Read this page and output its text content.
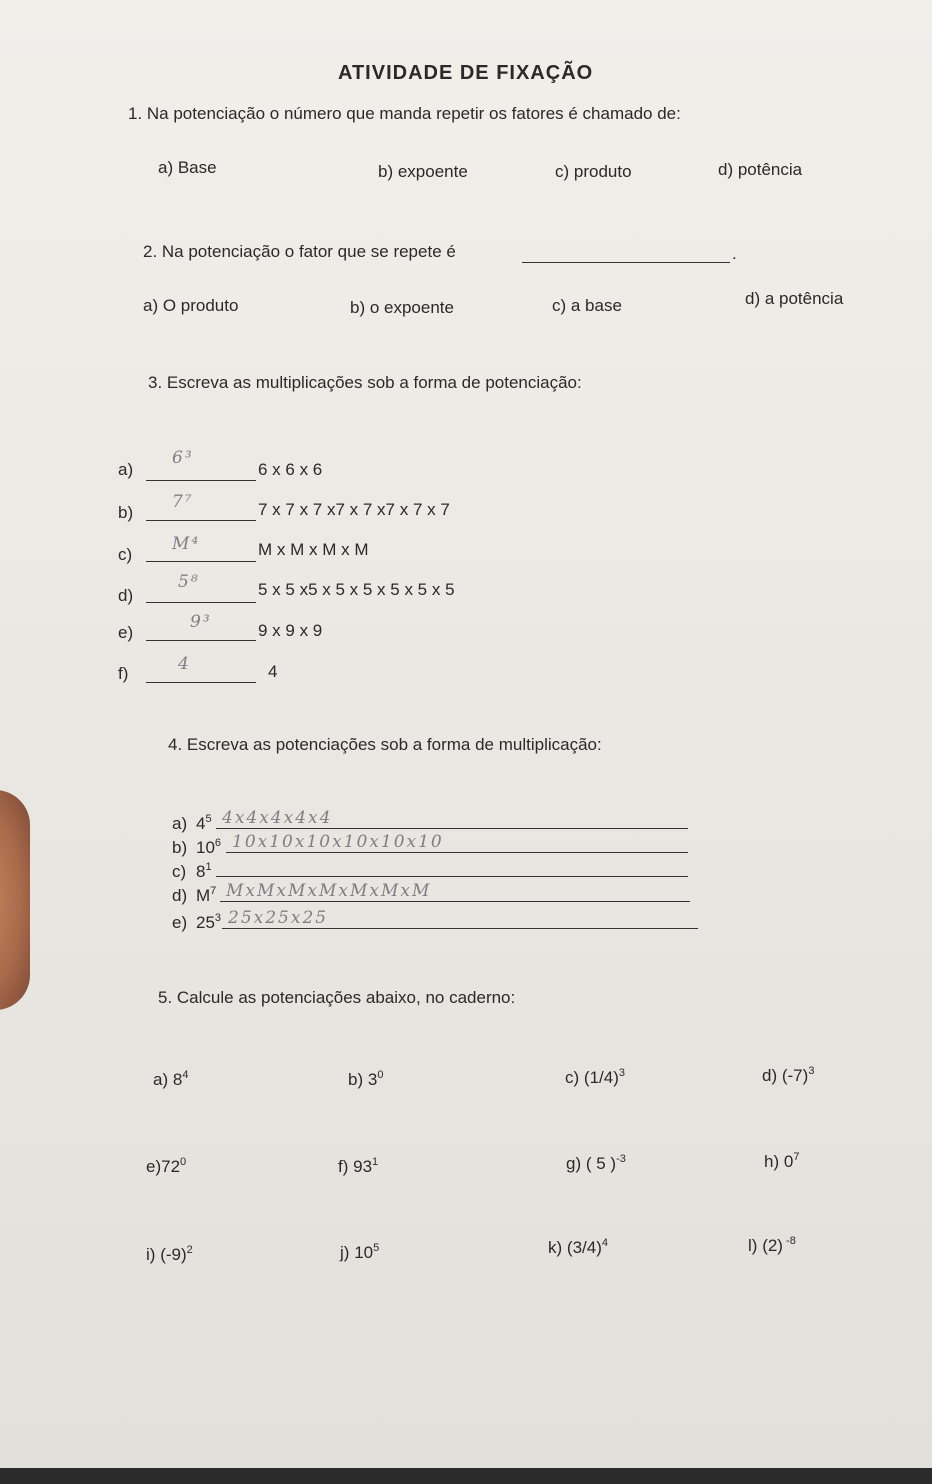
ATIVIDADE DE FIXAÇÃO
1. Na potenciação o número que manda repetir os fatores é chamado de:
a) Base	b) expoente	c) produto	d) potência
2. Na potenciação o fator que se repete é	.
a) O produto	b) o expoente	c) a base	d) a potência
3. Escreva as multiplicações sob a forma de potenciação:
a)
6³
6 x 6 x 6
b)
7⁷	7 x 7 x 7 x7 x 7 x7 x 7 x 7
c)
M⁴	M x M x M x M
d)
5⁸	5 x 5 x5 x 5 x 5 x 5 x 5 x 5
e)
9³	9 x 9 x 9
f)	4	4
4. Escreva as potenciações sob a forma de multiplicação:
a) $4^5$ 4x4x4x4x4
b) $10^6$ 10x10x10x10x10x10
c) $8^1$
d) $M^7$ MxMxMxMxMxMxM
e) $25^3$ 25x25x25
5. Calcule as potenciações abaixo, no caderno:
a) $8^4$	b) $3^0$	c) $(1/4)^3$	d) $(-7)^3$
$e)72^0$	f) $93^1$	g) ( 5 )$^{-3}$	h) $0^7$
i) $(-9)^2$	j) $10^5$	k) $(3/4)^4$	l) (2) $^{-8}$
